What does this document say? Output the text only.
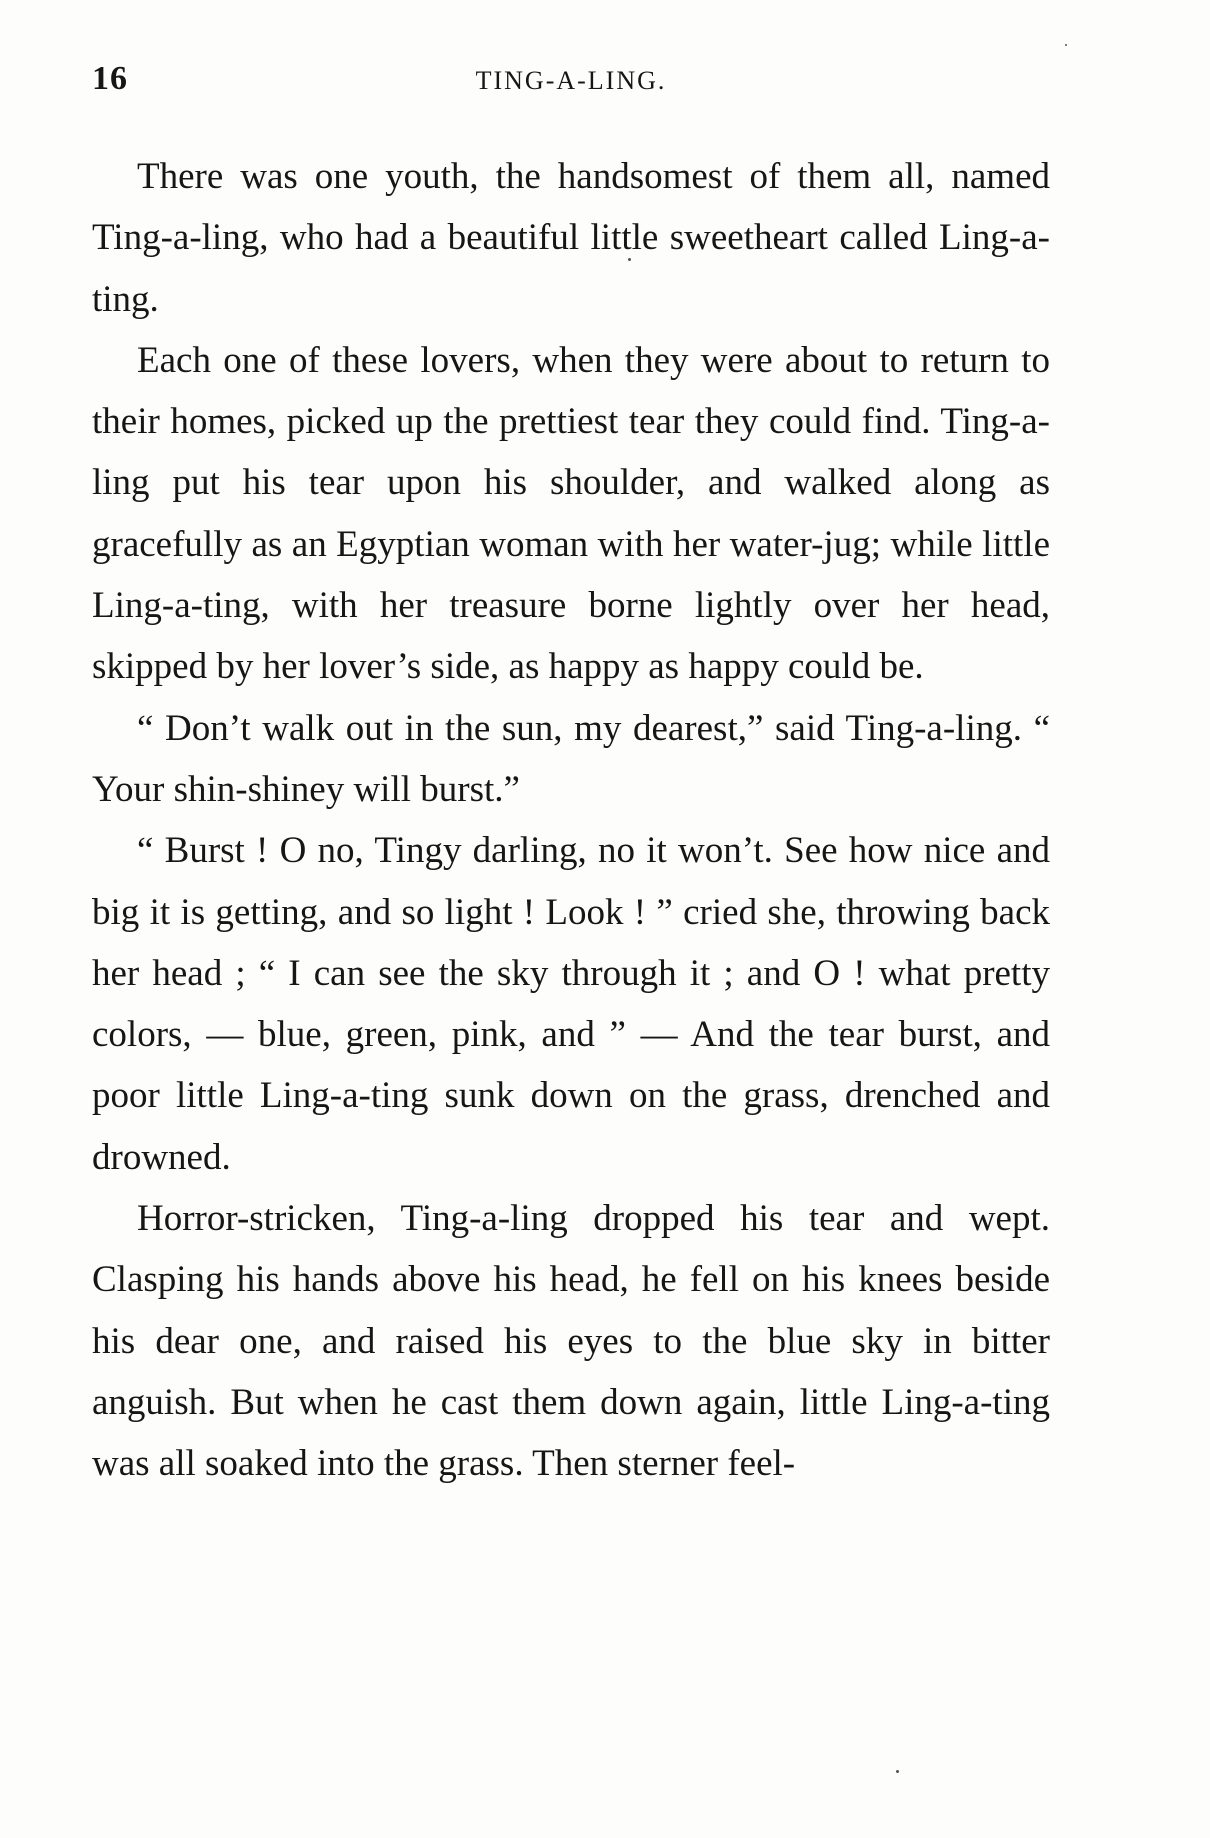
16	TING-A-LING.

There was one youth, the handsomest of them all, named Ting-a-ling, who had a beautiful little sweetheart called Ling-a-ting.

Each one of these lovers, when they were about to return to their homes, picked up the prettiest tear they could find. Ting-a-ling put his tear upon his shoulder, and walked along as gracefully as an Egyptian woman with her water-jug; while little Ling-a-ting, with her treasure borne lightly over her head, skipped by her lover’s side, as happy as happy could be.

“ Don’t walk out in the sun, my dearest,” said Ting-a-ling. “ Your shin-shiney will burst.”

“ Burst ! O no, Tingy darling, no it won’t. See how nice and big it is getting, and so light ! Look ! ” cried she, throwing back her head ; “ I can see the sky through it ; and O ! what pretty colors, — blue, green, pink, and ” — And the tear burst, and poor little Ling-a-ting sunk down on the grass, drenched and drowned.

Horror-stricken, Ting-a-ling dropped his tear and wept. Clasping his hands above his head, he fell on his knees beside his dear one, and raised his eyes to the blue sky in bitter anguish. But when he cast them down again, little Ling-a-ting was all soaked into the grass. Then sterner feel-
